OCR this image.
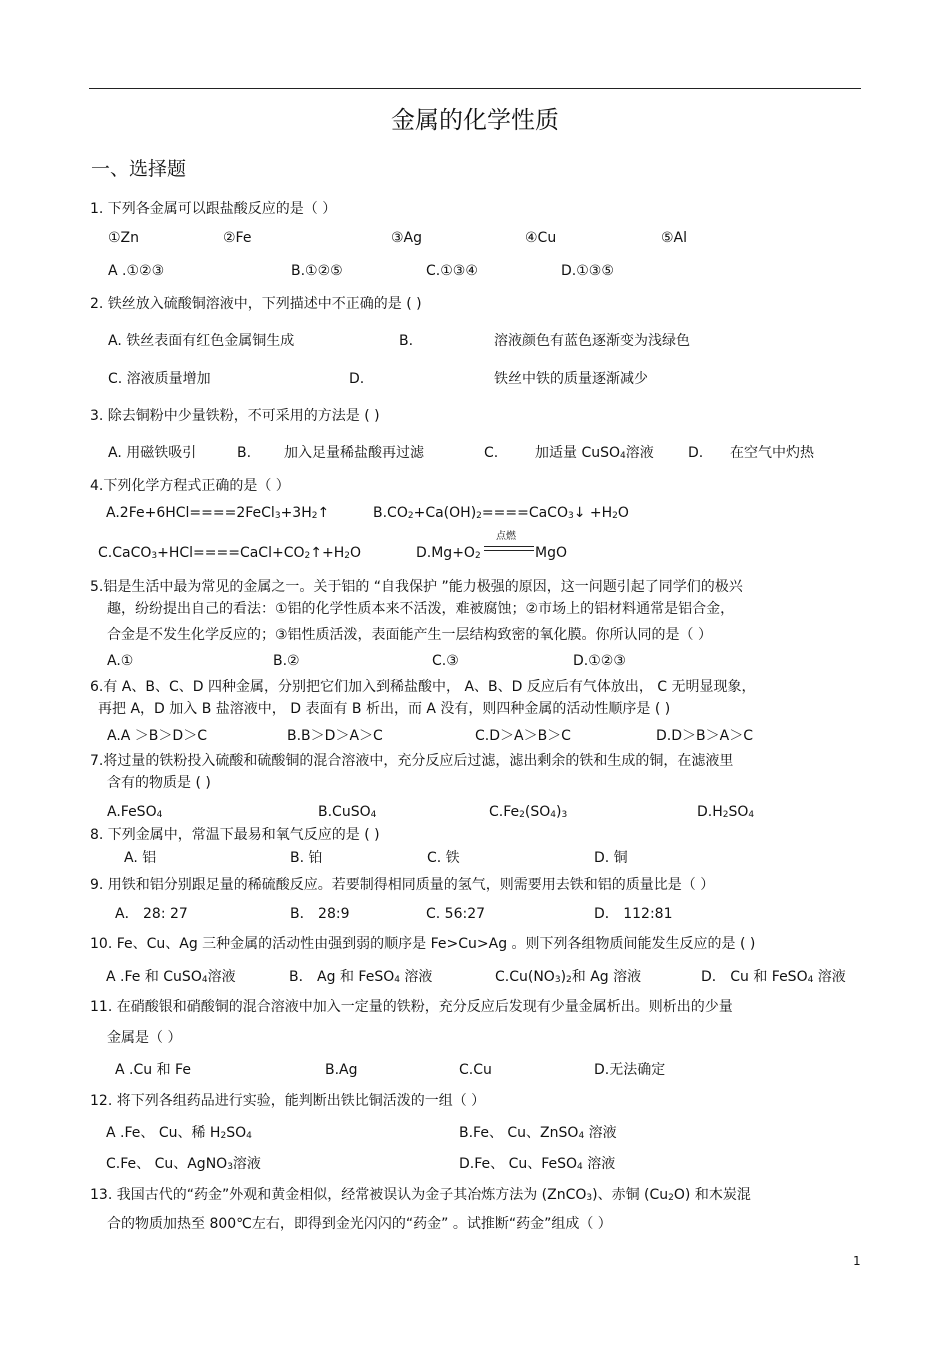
金属的化学性质
一、选择题
1. 下列各金属可以跟盐酸反应的是（ ）
①Zn	②Fe	③Ag	④Cu	⑤Al
A .①②③	B.①②⑤	C.①③④	D.①③⑤
2. 铁丝放入硫酸铜溶液中，下列描述中不正确的是 ( )
A. 铁丝表面有红色金属铜生成	B.	溶液颜色有蓝色逐渐变为浅绿色
C. 溶液质量增加	D.	铁丝中铁的质量逐渐减少
3. 除去铜粉中少量铁粉，不可采用的方法是 ( )
A. 用磁铁吸引	B. 加入足量稀盐酸再过滤	C.	加适量 CuSO$_4$溶液 D. 在空气中灼热
4.下列化学方程式正确的是（ ）
$A.2Fe+6HCl====2FeCl_3+3H_2↑$	$B.CO_2+Ca(OH)_2====CaCO_3↓ +H_2O$
$C.CaCO_3+HCl====CaCl+CO_2↑+H_2O$	$D.Mg+O_2$
点燃
MgO
5.铝是生活中最为常见的金属之一。关于铝的 “自我保护 ”能力极强的原因，这一问题引起了同学们的极兴
趣，纷纷提出自己的看法：①铝的化学性质本来不活泼，难被腐蚀；②市场上的铝材料通常是铝合金，
合金是不发生化学反应的；③铝性质活泼，表面能产生一层结构致密的氧化膜。你所认同的是（ ）
A.①	B.②	C.③	D.①②③
6.有 A、B、C、D 四种金属，分别把它们加入到稀盐酸中， A、B、D 反应后有气体放出， C 无明显现象，
再把 A，D 加入 B 盐溶液中， D 表面有 B 析出，而 A 没有，则四种金属的活动性顺序是 ( )
A.A ＞B＞D＞C	B.B＞D＞A＞C	C.D＞A＞B＞C	D.D＞B＞A＞C
7.将过量的铁粉投入硫酸和硫酸铜的混合溶液中，充分反应后过滤，滤出剩余的铁和生成的铜，在滤液里
含有的物质是 ( )
A.FeSO$_4$	B.CuSO$_4$	$C.Fe_2(SO_4)_3$	$D.H_2SO_4$
8. 下列金属中，常温下最易和氧气反应的是 ( )
A. 铝	B. 铂	C. 铁	D. 铜
9. 用铁和铝分别跟足量的稀硫酸反应。若要制得相同质量的氢气，则需要用去铁和铝的质量比是（ ）
A． 28: 27	B． 28:9	C. 56:27	D． 112:81
10. Fe、Cu、Ag 三种金属的活动性由强到弱的顺序是 Fe>Cu>Ag 。则下列各组物质间能发生反应的是 ( )
A .Fe 和 CuSO$_4$溶液	B． Ag 和 FeSO$_4$ 溶液	$C.Cu(NO_3)_2$和 Ag 溶液	D． Cu 和 FeSO$_4$ 溶液
11. 在硝酸银和硝酸铜的混合溶液中加入一定量的铁粉，充分反应后发现有少量金属析出。则析出的少量
金属是（ ）
A .Cu 和 Fe	B.Ag	C.Cu	D.无法确定
12. 将下列各组药品进行实验，能判断出铁比铜活泼的一组（ ）
A .Fe、 Cu、稀 $H_2SO_4$	B.Fe、 Cu、ZnSO$_4$ 溶液
C.Fe、 Cu、AgNO$_3$溶液	D.Fe、 Cu、FeSO$_4$ 溶液
13. 我国古代的“药金”外观和黄金相似，经常被误认为金子其冶炼方法为 (ZnCO$_3$)、赤铜 $(Cu_2O)$ 和木炭混
合的物质加热至 800℃左右，即得到金光闪闪的“药金” 。试推断“药金”组成（ ）
1
